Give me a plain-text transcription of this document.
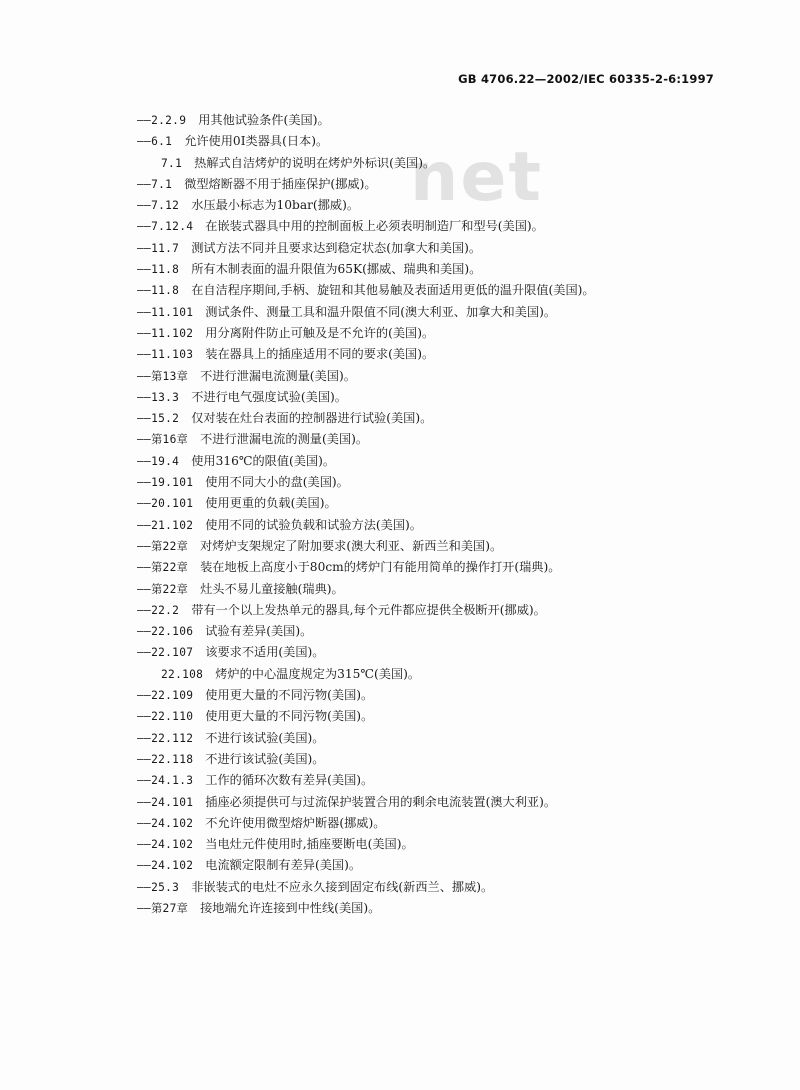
GB 4706.22—2002/IEC 60335-2-6:1997
net
——2.2.9 用其他试验条件(美国)。
——6.1 允许使用0Ⅰ类器具(日本)。
7.1 热解式自洁烤炉的说明在烤炉外标识(美国)。
——7.1 微型熔断器不用于插座保护(挪威)。
——7.12 水压最小标志为10bar(挪威)。
——7.12.4 在嵌装式器具中用的控制面板上必须表明制造厂和型号(美国)。
——11.7 测试方法不同并且要求达到稳定状态(加拿大和美国)。
——11.8 所有木制表面的温升限值为65K(挪威、瑞典和美国)。
——11.8 在自洁程序期间,手柄、旋钮和其他易触及表面适用更低的温升限值(美国)。
——11.101 测试条件、测量工具和温升限值不同(澳大利亚、加拿大和美国)。
——11.102 用分离附件防止可触及是不允许的(美国)。
——11.103 装在器具上的插座适用不同的要求(美国)。
——第13章 不进行泄漏电流测量(美国)。
——13.3 不进行电气强度试验(美国)。
——15.2 仅对装在灶台表面的控制器进行试验(美国)。
——第16章 不进行泄漏电流的测量(美国)。
——19.4 使用316℃的限值(美国)。
——19.101 使用不同大小的盘(美国)。
——20.101 使用更重的负载(美国)。
——21.102 使用不同的试验负载和试验方法(美国)。
——第22章 对烤炉支架规定了附加要求(澳大利亚、新西兰和美国)。
——第22章 装在地板上高度小于80cm的烤炉门有能用简单的操作打开(瑞典)。
——第22章 灶头不易儿童接触(瑞典)。
——22.2 带有一个以上发热单元的器具,每个元件都应提供全极断开(挪威)。
——22.106 试验有差异(美国)。
——22.107 该要求不适用(美国)。
22.108 烤炉的中心温度规定为315℃(美国)。
——22.109 使用更大量的不同污物(美国)。
——22.110 使用更大量的不同污物(美国)。
——22.112 不进行该试验(美国)。
——22.118 不进行该试验(美国)。
——24.1.3 工作的循环次数有差异(美国)。
——24.101 插座必须提供可与过流保护装置合用的剩余电流装置(澳大利亚)。
——24.102 不允许使用微型熔炉断器(挪威)。
——24.102 当电灶元件使用时,插座要断电(美国)。
——24.102 电流额定限制有差异(美国)。
——25.3 非嵌装式的电灶不应永久接到固定布线(新西兰、挪威)。
——第27章 接地端允许连接到中性线(美国)。
